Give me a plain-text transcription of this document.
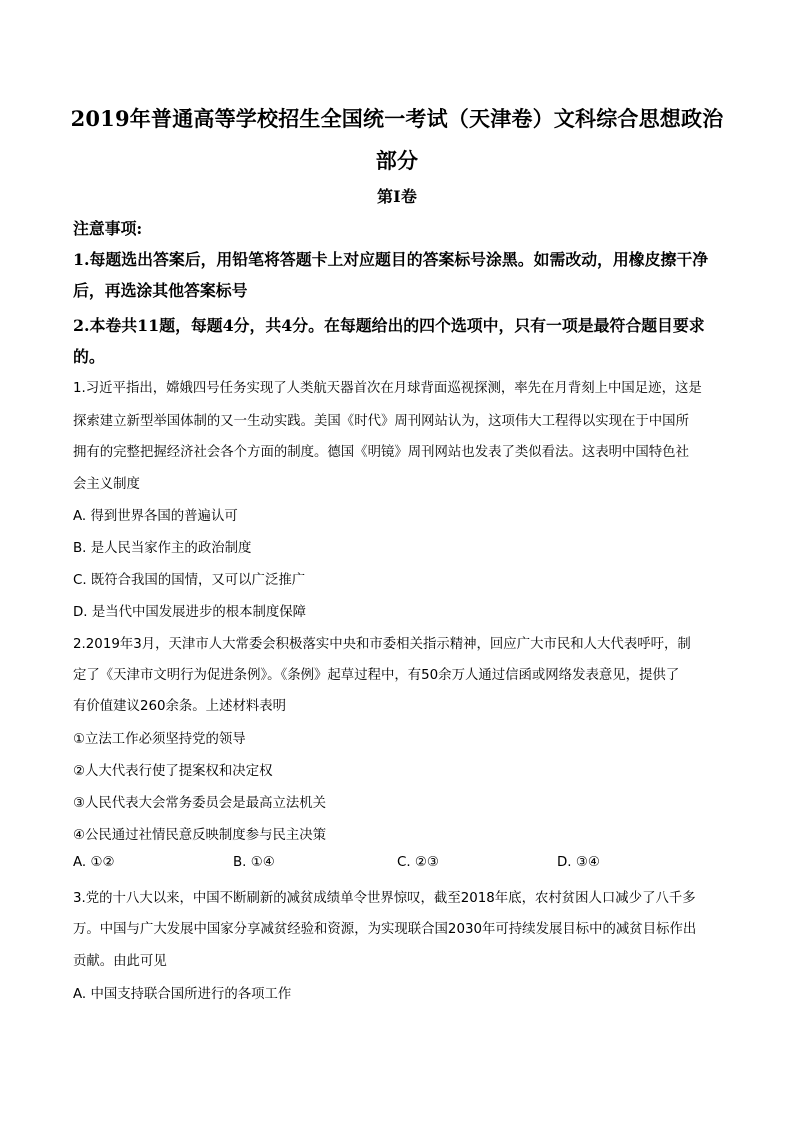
2019年普通高等学校招生全国统一考试（天津卷）文科综合思想政治
部分
第I卷
注意事项:
1.每题选出答案后，用铅笔将答题卡上对应题目的答案标号涂黑。如需改动，用橡皮擦干净
后，再选涂其他答案标号
2.本卷共11题，每题4分，共4分。在每题给出的四个选项中，只有一项是最符合题目要求
的。
1.习近平指出，嫦娥四号任务实现了人类航天器首次在月球背面巡视探测，率先在月背刻上中国足迹，这是
探索建立新型举国体制的又一生动实践。美国《时代》周刊网站认为，这项伟大工程得以实现在于中国所
拥有的完整把握经济社会各个方面的制度。德国《明镜》周刊网站也发表了类似看法。这表明中国特色社
会主义制度
A. 得到世界各国的普遍认可
B. 是人民当家作主的政治制度
C. 既符合我国的国情，又可以广泛推广
D. 是当代中国发展进步的根本制度保障
2.2019年3月，天津市人大常委会积极落实中央和市委相关指示精神，回应广大市民和人大代表呼吁，制
定了《天津市文明行为促进条例》。《条例》起草过程中，有50余万人通过信函或网络发表意见，提供了
有价值建议260余条。上述材料表明
①立法工作必须坚持党的领导
②人大代表行使了提案权和决定权
③人民代表大会常务委员会是最高立法机关
④公民通过社情民意反映制度参与民主决策
A. ①②	B. ①④	C. ②③	D. ③④
3.党的十八大以来，中国不断刷新的减贫成绩单令世界惊叹，截至2018年底，农村贫困人口减少了八千多
万。中国与广大发展中国家分享减贫经验和资源，为实现联合国2030年可持续发展目标中的减贫目标作出
贡献。由此可见
A. 中国支持联合国所进行的各项工作
